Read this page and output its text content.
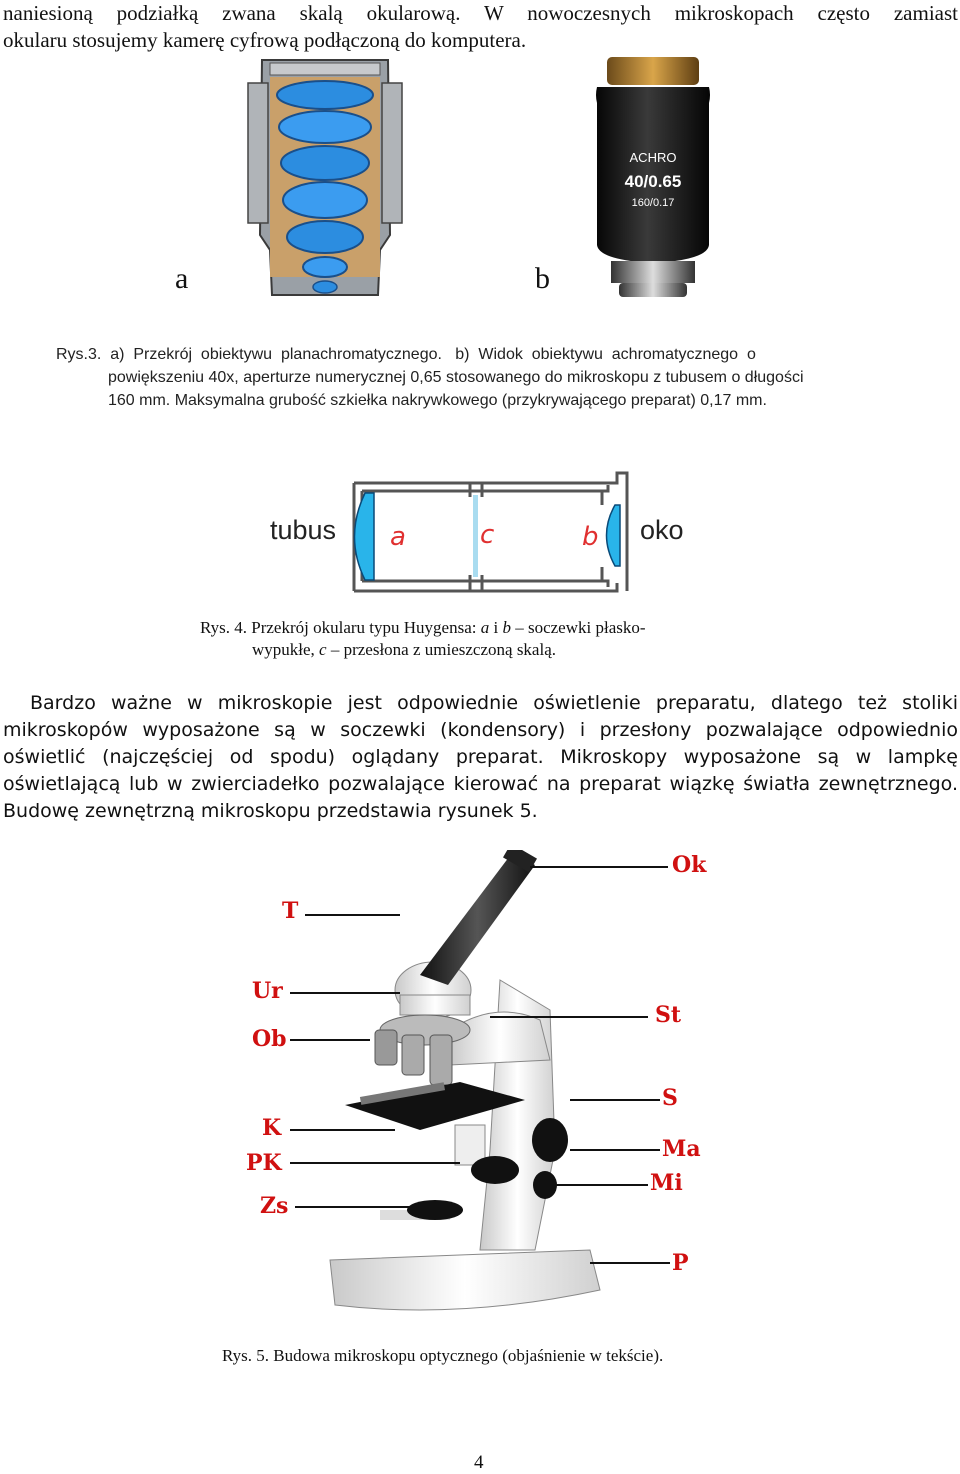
naniesioną podziałką zwana skalą okularową. W nowoczesnych mikroskopach często zamiast
okularu stosujemy kamerę cyfrową podłączoną do komputera.
a
ACHRO
40/0.65
160/0.17
b
Rys.3.  a)  Przekrój  obiektywu  planachromatycznego.   b)  Widok  obiektywu  achromatycznego  o
powiększeniu 40x, aperturze numerycznej 0,65 stosowanego do mikroskopu z tubusem o długości
160 mm. Maksymalna grubość szkiełka nakrywkowego (przykrywającego preparat) 0,17 mm.
a	c	b
tubus	oko
Rys. 4. Przekrój okularu typu Huygensa: a i b – soczewki płasko-
wypukłe, c – przesłona z umieszczoną skalą.
Bardzo ważne w mikroskopie jest odpowiednie oświetlenie preparatu, dlatego też stoliki mikroskopów wyposażone są w soczewki (kondensory) i przesłony pozwalające odpowiednio oświetlić (najczęściej od spodu) oglądany preparat. Mikroskopy wyposażone są w lampkę oświetlającą lub w zwierciadełko pozwalające kierować na preparat wiązkę światła zewnętrznego. Budowę zewnętrzną mikroskopu przedstawia rysunek 5.
Ok
T
Ur
Ob
St
S
K
Ma
PK
Mi
Zs
P
Rys. 5. Budowa mikroskopu optycznego (objaśnienie w tekście).
4
